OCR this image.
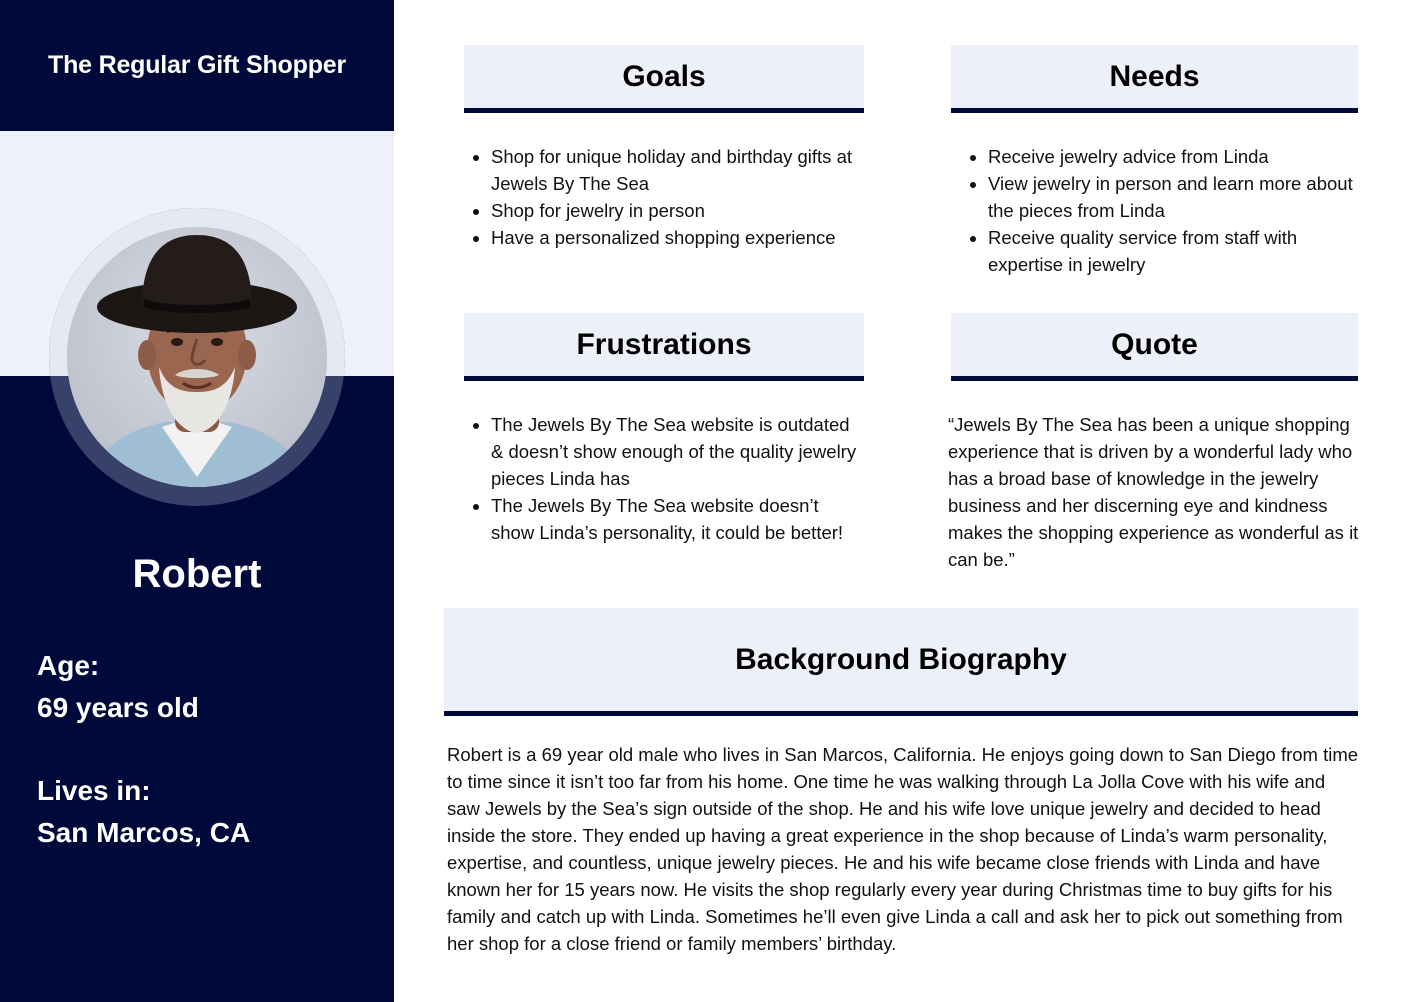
The Regular Gift Shopper
Robert
Age:
69 years old
Lives in:
San Marcos, CA
Goals
• Shop for unique holiday and birthday gifts at Jewels By The Sea
• Shop for jewelry in person
• Have a personalized shopping experience
Needs
• Receive jewelry advice from Linda
• View jewelry in person and learn more about the pieces from Linda
• Receive quality service from staff with expertise in jewelry
Frustrations
• The Jewels By The Sea website is outdated & doesn’t show enough of the quality jewelry pieces Linda has
• The Jewels By The Sea website doesn’t show Linda’s personality, it could be better!
Quote
“Jewels By The Sea has been a unique shopping experience that is driven by a wonderful lady who has a broad base of knowledge in the jewelry business and her discerning eye and kindness makes the shopping experience as wonderful as it can be.”
Background Biography
Robert is a 69 year old male who lives in San Marcos, California. He enjoys going down to San Diego from time to time since it isn’t too far from his home. One time he was walking through La Jolla Cove with his wife and saw Jewels by the Sea’s sign outside of the shop. He and his wife love unique jewelry and decided to head inside the store. They ended up having a great experience in the shop because of Linda’s warm personality, expertise, and countless, unique jewelry pieces. He and his wife became close friends with Linda and have known her for 15 years now. He visits the shop regularly every year during Christmas time to buy gifts for his family and catch up with Linda. Sometimes he’ll even give Linda a call and ask her to pick out something from her shop for a close friend or family members’ birthday.
